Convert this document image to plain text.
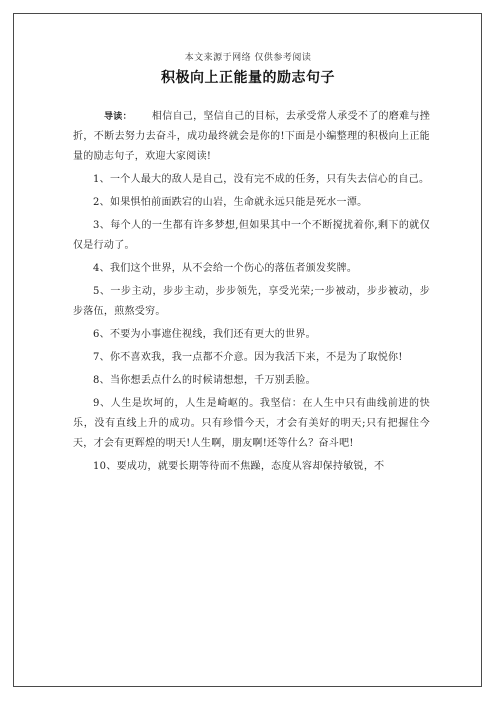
本文来源于网络 仅供参考阅读
积极向上正能量的励志句子

导读： 相信自己，坚信自己的目标，去承受常人承受不了的磨难与挫折，不断去努力去奋斗，成功最终就会是你的!下面是小编整理的积极向上正能量的励志句子，欢迎大家阅读!

1、一个人最大的敌人是自己，没有完不成的任务，只有失去信心的自己。

2、如果惧怕前面跌宕的山岩，生命就永远只能是死水一潭。

3、每个人的一生都有许多梦想,但如果其中一个不断搅扰着你,剩下的就仅仅是行动了。

4、我们这个世界，从不会给一个伤心的落伍者颁发奖牌。

5、一步主动，步步主动，步步领先，享受光荣;一步被动，步步被动，步步落伍，煎熬受穷。

6、不要为小事遮住视线，我们还有更大的世界。

7、你不喜欢我，我一点都不介意。因为我活下来，不是为了取悦你!

8、当你想丢点什么的时候请想想，千万别丢脸。

9、人生是坎坷的，人生是崎岖的。我坚信：在人生中只有曲线前进的快乐，没有直线上升的成功。只有珍惜今天，才会有美好的明天;只有把握住今天，才会有更辉煌的明天!人生啊，朋友啊!还等什么？奋斗吧!

10、要成功，就要长期等待而不焦躁，态度从容却保持敏锐，不
